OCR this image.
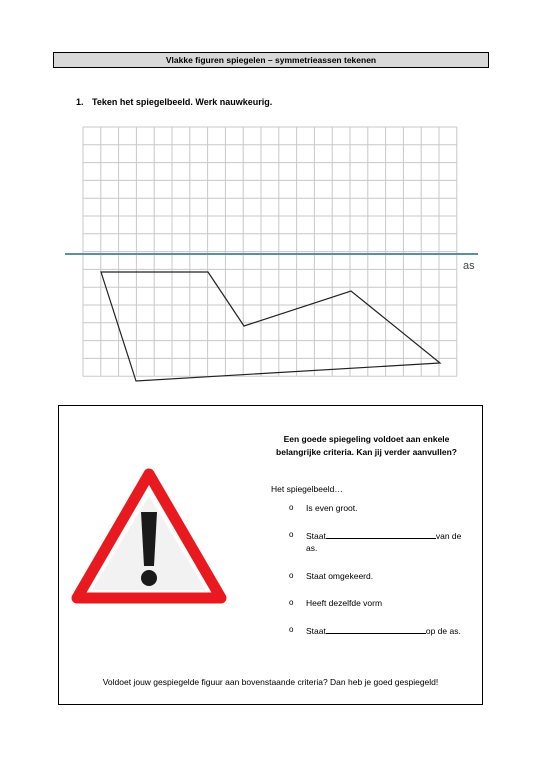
Vlakke figuren spiegelen – symmetrieassen tekenen
1. Teken het spiegelbeeld. Werk nauwkeurig.
as
Een goede spiegeling voldoet aan enkele
belangrijke criteria. Kan jij verder aanvullen?
Het spiegelbeeld…
o Is even groot.
o Staat	van de as.
o Staat omgekeerd.
o Heeft dezelfde vorm
o Staat	op de as.
Voldoet jouw gespiegelde figuur aan bovenstaande criteria? Dan heb je goed gespiegeld!
